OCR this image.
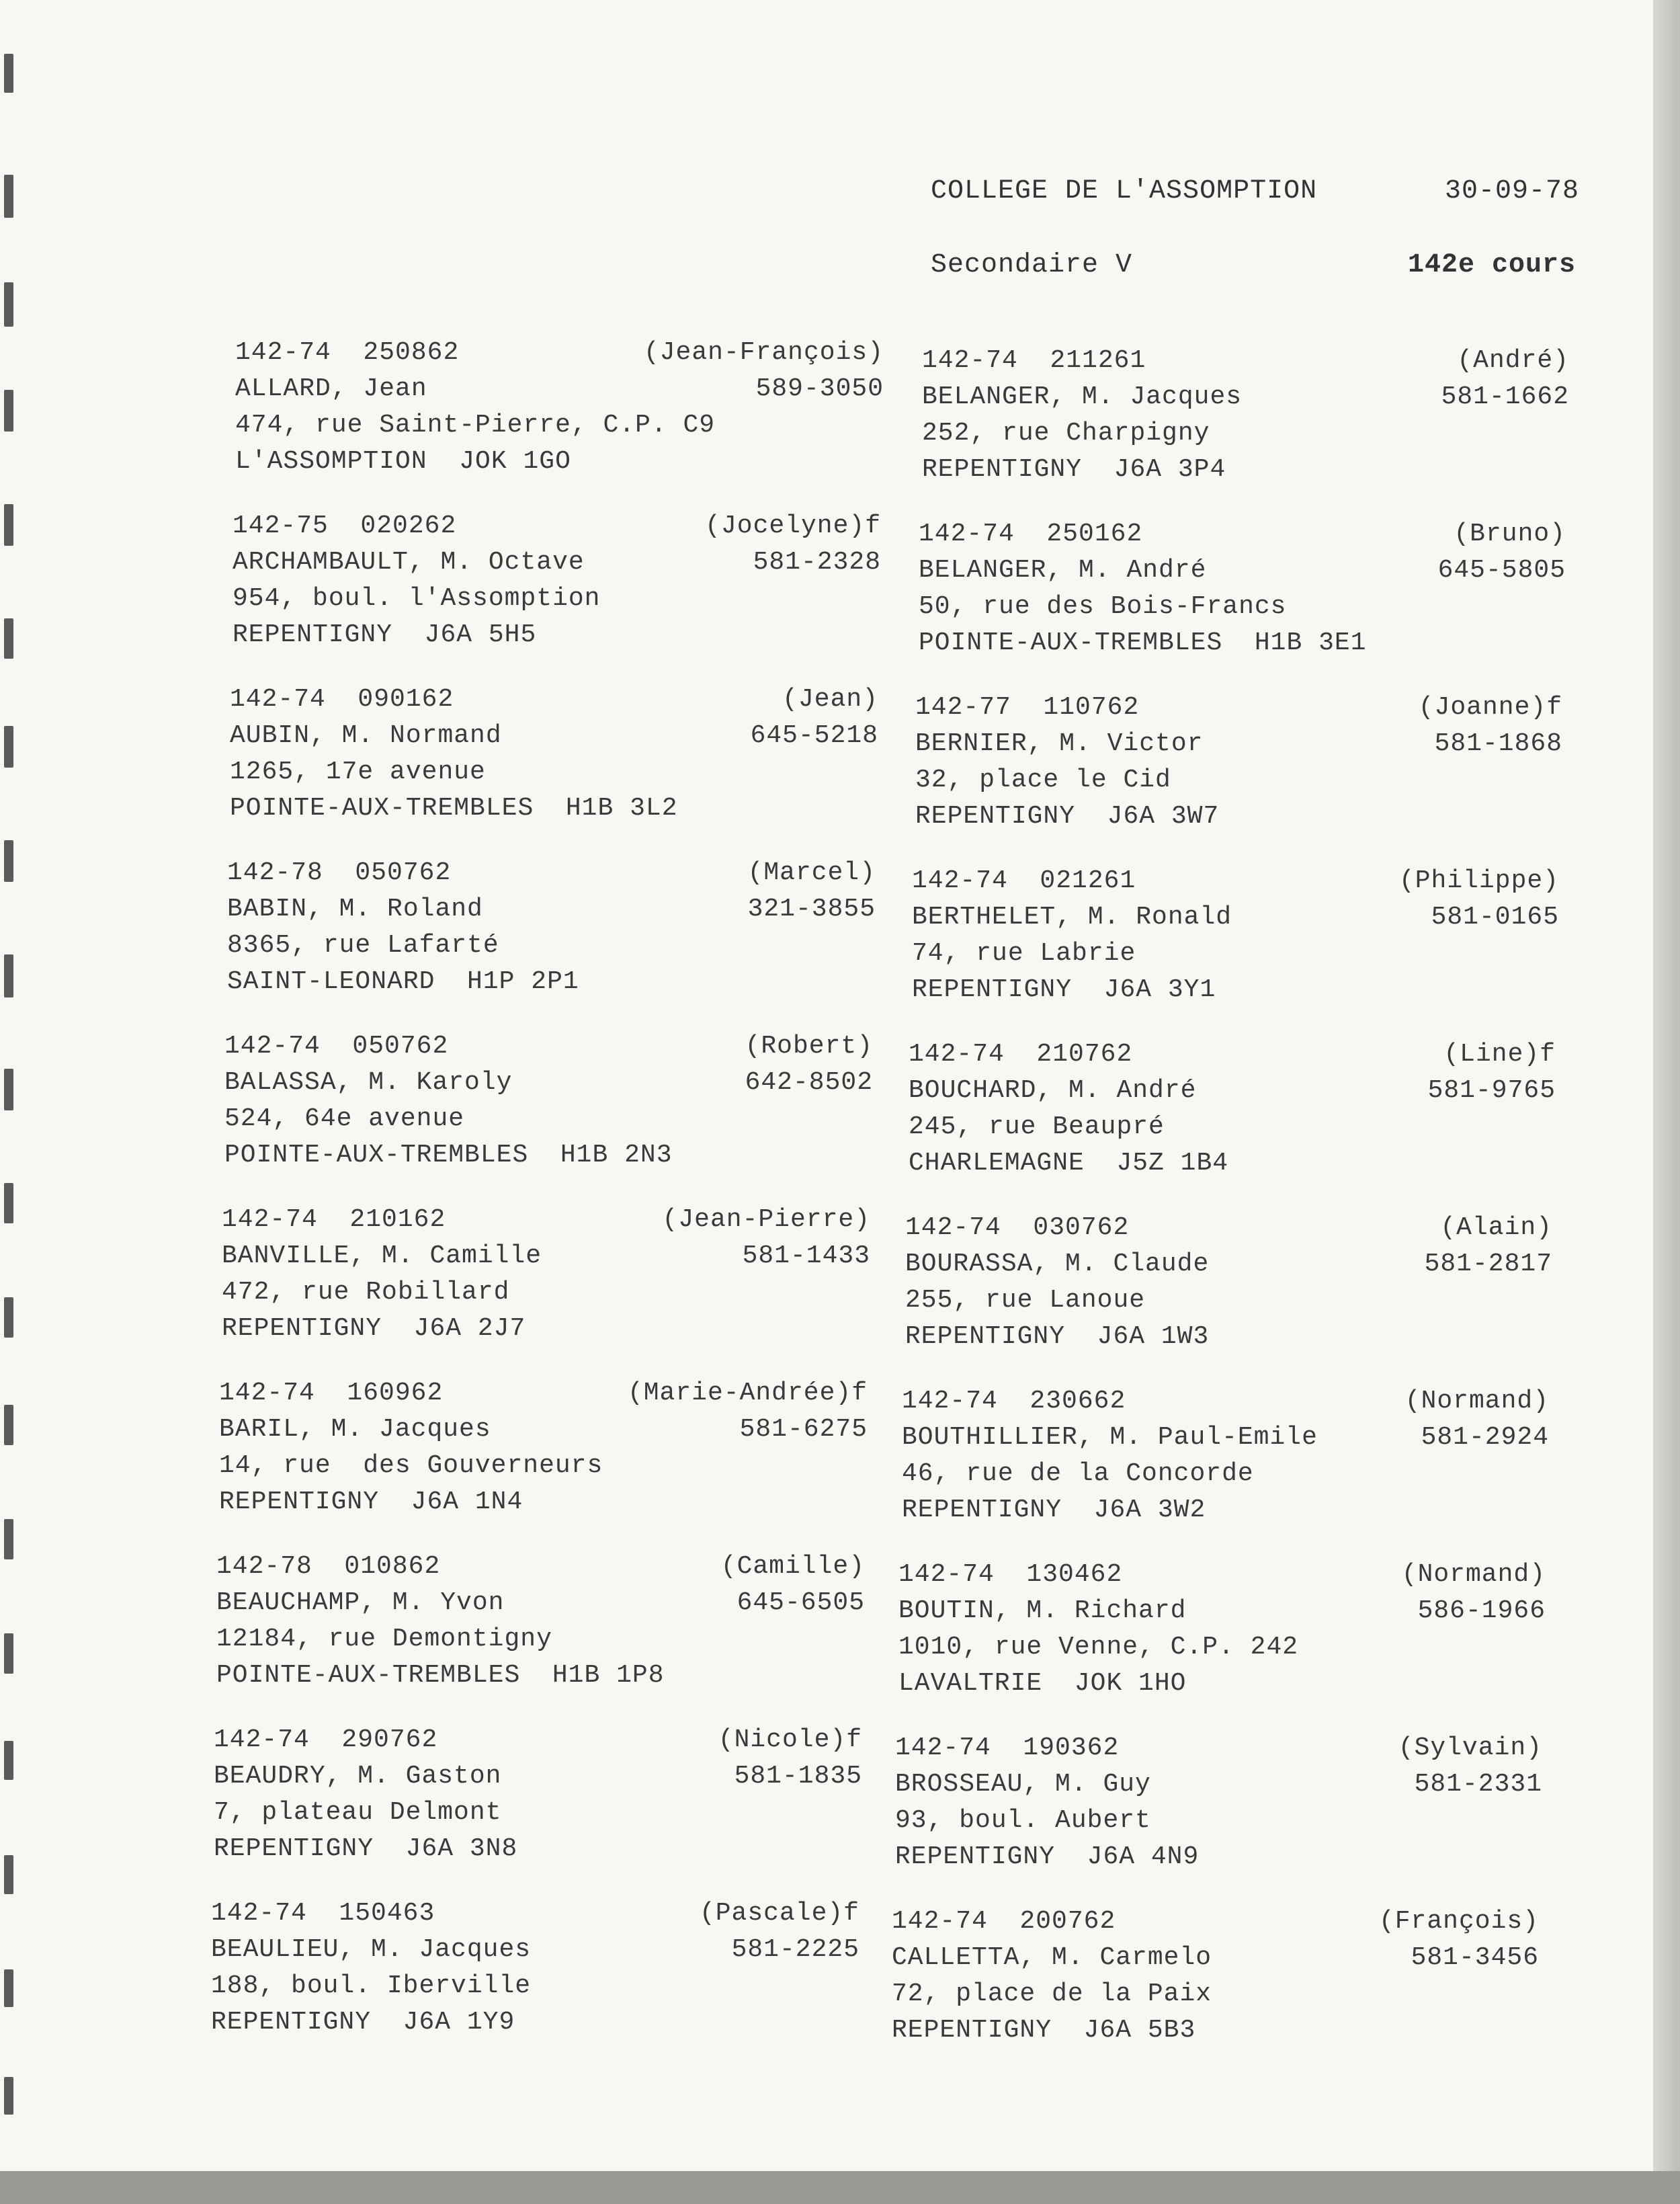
COLLEGE DE L'ASSOMPTION	30-09-78
Secondaire V	142e cours
142-74  250862
ALLARD, Jean
474, rue Saint-Pierre, C.P. C9
L'ASSOMPTION  JOK 1GO
(Jean-François)
589-3050
142-75  020262
ARCHAMBAULT, M. Octave
954, boul. l'Assomption
REPENTIGNY  J6A 5H5
(Jocelyne)f
581-2328
142-74  090162
AUBIN, M. Normand
1265, 17e avenue
POINTE-AUX-TREMBLES  H1B 3L2
(Jean)
645-5218
142-78  050762
BABIN, M. Roland
8365, rue Lafarté
SAINT-LEONARD  H1P 2P1
(Marcel)
321-3855
142-74  050762
BALASSA, M. Karoly
524, 64e avenue
POINTE-AUX-TREMBLES  H1B 2N3
(Robert)
642-8502
142-74  210162
BANVILLE, M. Camille
472, rue Robillard
REPENTIGNY  J6A 2J7
(Jean-Pierre)
581-1433
142-74  160962
BARIL, M. Jacques
14, rue  des Gouverneurs
REPENTIGNY  J6A 1N4
(Marie-Andrée)f
581-6275
142-78  010862
BEAUCHAMP, M. Yvon
12184, rue Demontigny
POINTE-AUX-TREMBLES  H1B 1P8
(Camille)
645-6505
142-74  290762
BEAUDRY, M. Gaston
7, plateau Delmont
REPENTIGNY  J6A 3N8
(Nicole)f
581-1835
142-74  150463
BEAULIEU, M. Jacques
188, boul. Iberville
REPENTIGNY  J6A 1Y9
(Pascale)f
581-2225
142-74  211261
BELANGER, M. Jacques
252, rue Charpigny
REPENTIGNY  J6A 3P4
(André)
581-1662
142-74  250162
BELANGER, M. André
50, rue des Bois-Francs
POINTE-AUX-TREMBLES  H1B 3E1
(Bruno)
645-5805
142-77  110762
BERNIER, M. Victor
32, place le Cid
REPENTIGNY  J6A 3W7
(Joanne)f
581-1868
142-74  021261
BERTHELET, M. Ronald
74, rue Labrie
REPENTIGNY  J6A 3Y1
(Philippe)
581-0165
142-74  210762
BOUCHARD, M. André
245, rue Beaupré
CHARLEMAGNE  J5Z 1B4
(Line)f
581-9765
142-74  030762
BOURASSA, M. Claude
255, rue Lanoue
REPENTIGNY  J6A 1W3
(Alain)
581-2817
142-74  230662
BOUTHILLIER, M. Paul-Emile
46, rue de la Concorde
REPENTIGNY  J6A 3W2
(Normand)
581-2924
142-74  130462
BOUTIN, M. Richard
1010, rue Venne, C.P. 242
LAVALTRIE  JOK 1HO
(Normand)
586-1966
142-74  190362
BROSSEAU, M. Guy
93, boul. Aubert
REPENTIGNY  J6A 4N9
(Sylvain)
581-2331
142-74  200762
CALLETTA, M. Carmelo
72, place de la Paix
REPENTIGNY  J6A 5B3
(François)
581-3456
